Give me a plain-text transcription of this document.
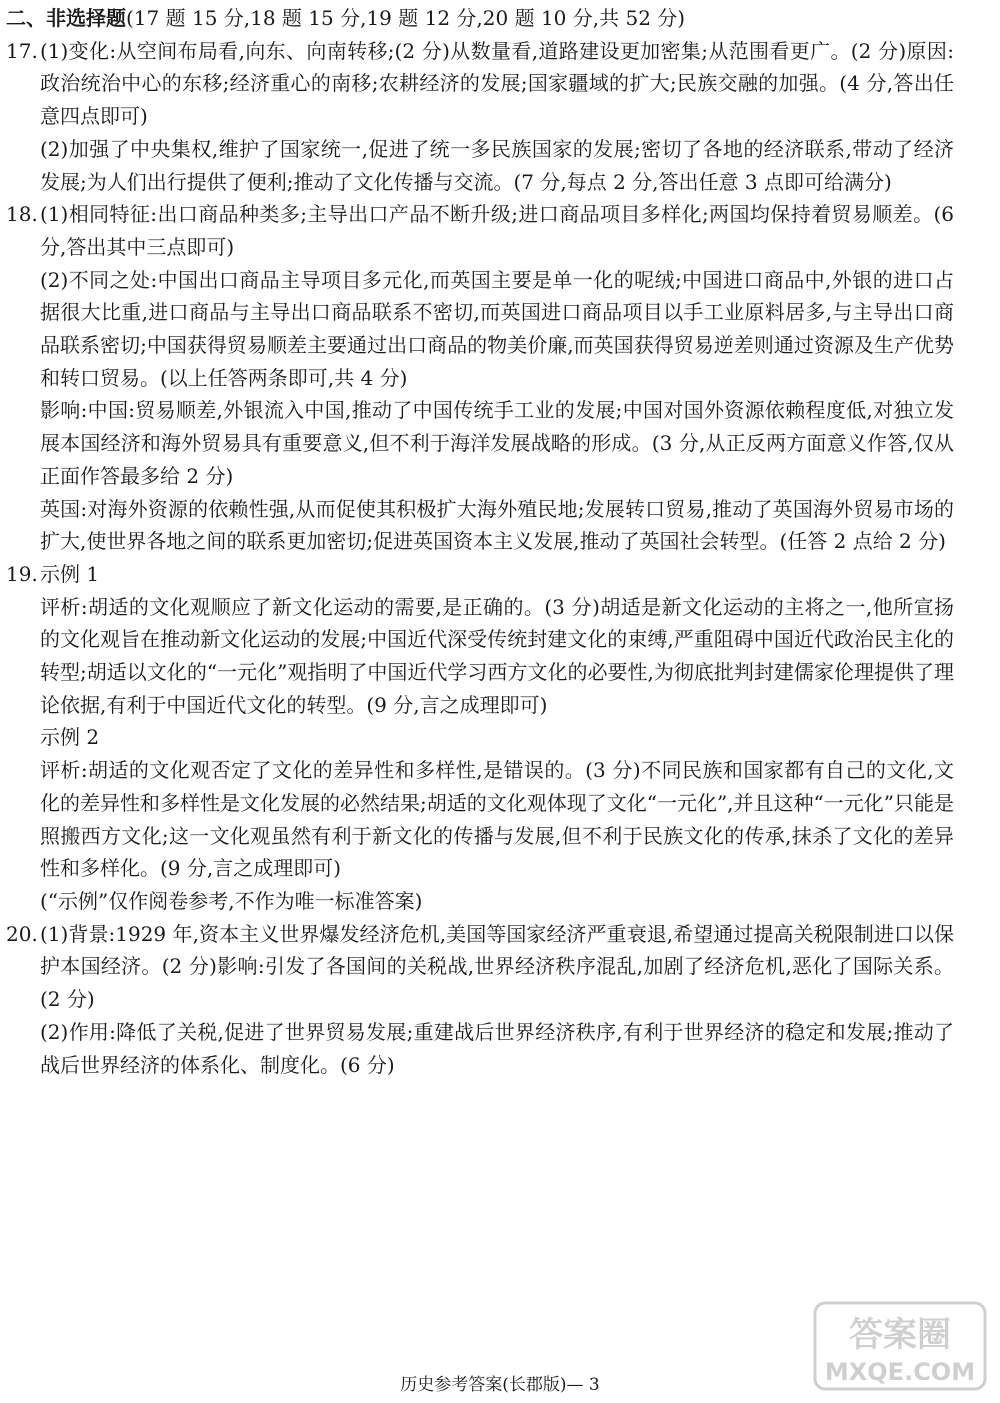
二、非选择题(17 题 15 分,18 题 15 分,19 题 12 分,20 题 10 分,共 52 分)

17. (1)变化:从空间布局看,向东、向南转移;(2 分)从数量看,道路建设更加密集;从范围看更广。(2 分)原因:政治统治中心的东移;经济重心的南移;农耕经济的发展;国家疆域的扩大;民族交融的加强。(4 分,答出任意四点即可)

(2)加强了中央集权,维护了国家统一,促进了统一多民族国家的发展;密切了各地的经济联系,带动了经济发展;为人们出行提供了便利;推动了文化传播与交流。(7 分,每点 2 分,答出任意 3 点即可给满分)

18. (1)相同特征:出口商品种类多;主导出口产品不断升级;进口商品项目多样化;两国均保持着贸易顺差。(6 分,答出其中三点即可)

(2)不同之处:中国出口商品主导项目多元化,而英国主要是单一化的呢绒;中国进口商品中,外银的进口占据很大比重,进口商品与主导出口商品联系不密切,而英国进口商品项目以手工业原料居多,与主导出口商品联系密切;中国获得贸易顺差主要通过出口商品的物美价廉,而英国获得贸易逆差则通过资源及生产优势和转口贸易。(以上任答两条即可,共 4 分)

影响:中国:贸易顺差,外银流入中国,推动了中国传统手工业的发展;中国对国外资源依赖程度低,对独立发展本国经济和海外贸易具有重要意义,但不利于海洋发展战略的形成。(3 分,从正反两方面意义作答,仅从正面作答最多给 2 分)

英国:对海外资源的依赖性强,从而促使其积极扩大海外殖民地;发展转口贸易,推动了英国海外贸易市场的扩大,使世界各地之间的联系更加密切;促进英国资本主义发展,推动了英国社会转型。(任答 2 点给 2 分)

19. 示例 1

评析:胡适的文化观顺应了新文化运动的需要,是正确的。(3 分)胡适是新文化运动的主将之一,他所宣扬的文化观旨在推动新文化运动的发展;中国近代深受传统封建文化的束缚,严重阻碍中国近代政治民主化的转型;胡适以文化的“一元化”观指明了中国近代学习西方文化的必要性,为彻底批判封建儒家伦理提供了理论依据,有利于中国近代文化的转型。(9 分,言之成理即可)

示例 2

评析:胡适的文化观否定了文化的差异性和多样性,是错误的。(3 分)不同民族和国家都有自己的文化,文化的差异性和多样性是文化发展的必然结果;胡适的文化观体现了文化“一元化”,并且这种“一元化”只能是照搬西方文化;这一文化观虽然有利于新文化的传播与发展,但不利于民族文化的传承,抹杀了文化的差异性和多样化。(9 分,言之成理即可)

(“示例”仅作阅卷参考,不作为唯一标准答案)

20. (1)背景:1929 年,资本主义世界爆发经济危机,美国等国家经济严重衰退,希望通过提高关税限制进口以保护本国经济。(2 分)影响:引发了各国间的关税战,世界经济秩序混乱,加剧了经济危机,恶化了国际关系。(2 分)

(2)作用:降低了关税,促进了世界贸易发展;重建战后世界经济秩序,有利于世界经济的稳定和发展;推动了战后世界经济的体系化、制度化。(6 分)

历史参考答案(长郡版)— 3
答案圈
MXQE.COM
